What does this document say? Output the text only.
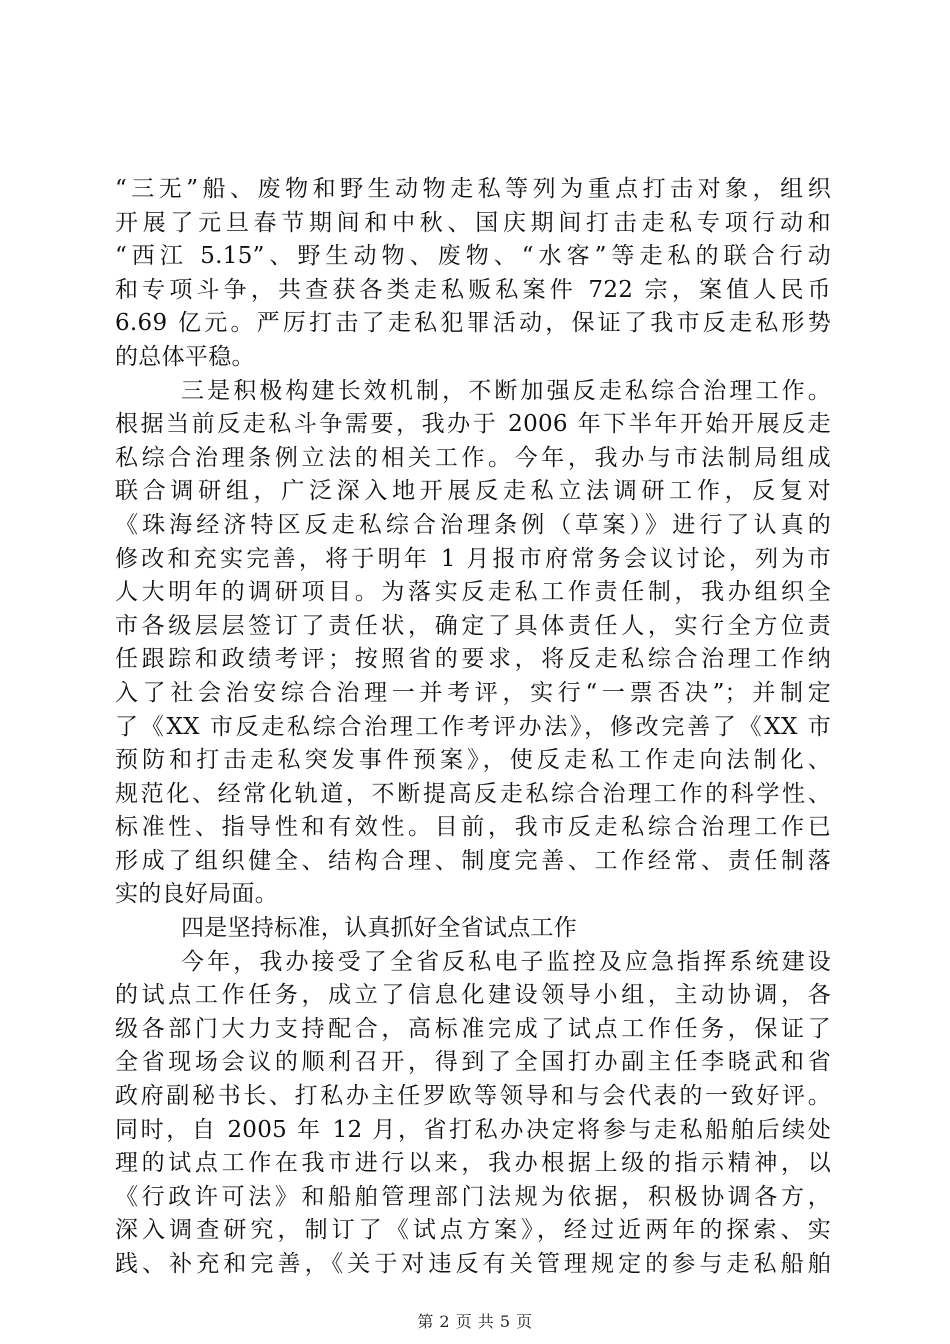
“三无”船、废物和野生动物走私等列为重点打击对象，组织
开展了元旦春节期间和中秋、国庆期间打击走私专项行动和
“西江 5.15”、野生动物、废物、“水客”等走私的联合行动
和专项斗争，共查获各类走私贩私案件 722 宗，案值人民币
6.69 亿元。严厉打击了走私犯罪活动，保证了我市反走私形势
的总体平稳。
三是积极构建长效机制，不断加强反走私综合治理工作。
根据当前反走私斗争需要，我办于 2006 年下半年开始开展反走
私综合治理条例立法的相关工作。今年，我办与市法制局组成
联合调研组，广泛深入地开展反走私立法调研工作，反复对
《珠海经济特区反走私综合治理条例（草案）》进行了认真的
修改和充实完善，将于明年 1 月报市府常务会议讨论，列为市
人大明年的调研项目。为落实反走私工作责任制，我办组织全
市各级层层签订了责任状，确定了具体责任人，实行全方位责
任跟踪和政绩考评；按照省的要求，将反走私综合治理工作纳
入了社会治安综合治理一并考评，实行“一票否决”；并制定
了《XX 市反走私综合治理工作考评办法》，修改完善了《XX 市
预防和打击走私突发事件预案》，使反走私工作走向法制化、
规范化、经常化轨道，不断提高反走私综合治理工作的科学性、
标准性、指导性和有效性。目前，我市反走私综合治理工作已
形成了组织健全、结构合理、制度完善、工作经常、责任制落
实的良好局面。
四是坚持标准，认真抓好全省试点工作
今年，我办接受了全省反私电子监控及应急指挥系统建设
的试点工作任务，成立了信息化建设领导小组，主动协调，各
级各部门大力支持配合，高标准完成了试点工作任务，保证了
全省现场会议的顺利召开，得到了全国打办副主任李晓武和省
政府副秘书长、打私办主任罗欧等领导和与会代表的一致好评。
同时，自 2005 年 12 月，省打私办决定将参与走私船舶后续处
理的试点工作在我市进行以来，我办根据上级的指示精神，以
《行政许可法》和船舶管理部门法规为依据，积极协调各方，
深入调查研究，制订了《试点方案》，经过近两年的探索、实
践、补充和完善，《关于对违反有关管理规定的参与走私船舶
第 2 页 共 5 页
